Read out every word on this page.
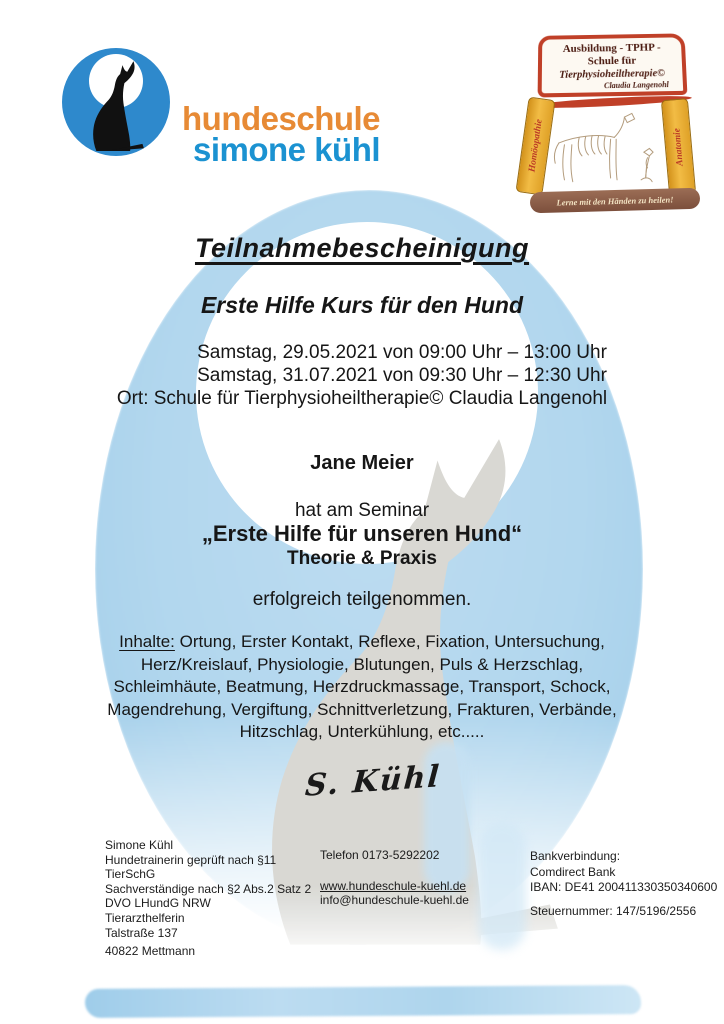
hundeschule
simone kühl
Ausbildung - TPHP -
Schule für
Tierphysioheiltherapie©
Claudia Langenohl
Homöopathie	Anatomie
Lerne mit den Händen zu heilen!
Teilnahmebescheinigung
Erste Hilfe Kurs für den Hund
Samstag, 29.05.2021 von 09:00 Uhr – 13:00 Uhr
Samstag, 31.07.2021 von 09:30 Uhr – 12:30 Uhr
Ort: Schule für Tierphysioheiltherapie© Claudia Langenohl
Jane Meier
hat am Seminar
„Erste Hilfe für unseren Hund“
Theorie & Praxis
erfolgreich teilgenommen.
Inhalte: Ortung, Erster Kontakt, Reflexe, Fixation, Untersuchung,
Herz/Kreislauf, Physiologie, Blutungen, Puls & Herzschlag,
Schleimhäute, Beatmung, Herzdruckmassage, Transport, Schock,
Magendrehung, Vergiftung, Schnittverletzung, Frakturen, Verbände,
Hitzschlag, Unterkühlung, etc.....
S. Kühl
Simone Kühl
Hundetrainerin geprüft nach §11
TierSchG
Sachverständige nach §2 Abs.2 Satz 2
DVO LHundG NRW
Tierarzthelferin
Talstraße 137
40822 Mettmann
Telefon 0173-5292202
www.hundeschule-kuehl.de
info@hundeschule-kuehl.de
Bankverbindung:
Comdirect Bank
IBAN: DE41 200411330350340600
Steuernummer: 147/5196/2556
